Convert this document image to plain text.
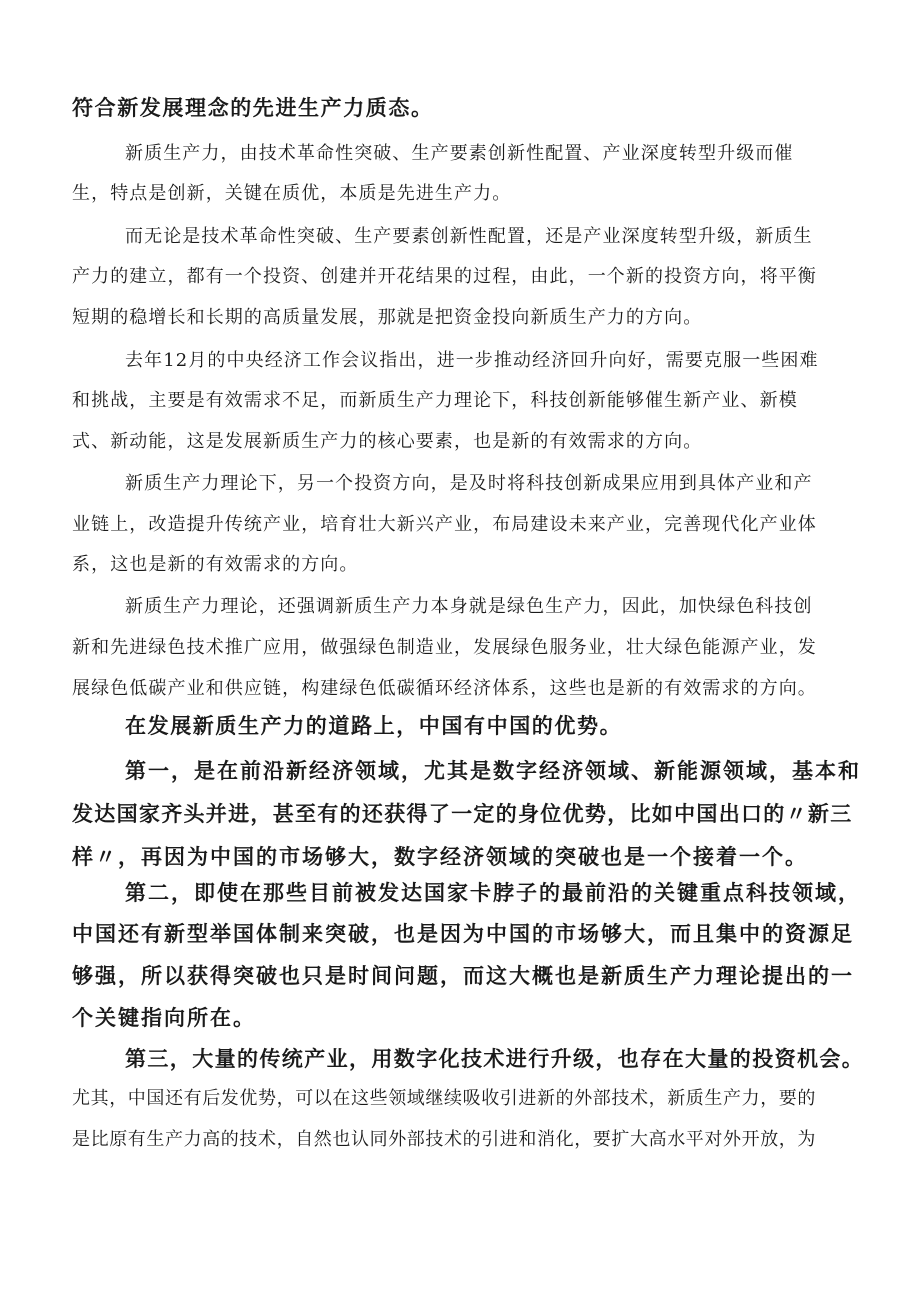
符合新发展理念的先进生产力质态。

新质生产力，由技术革命性突破、生产要素创新性配置、产业深度转型升级而催

生，特点是创新，关键在质优，本质是先进生产力。

而无论是技术革命性突破、生产要素创新性配置，还是产业深度转型升级，新质生

产力的建立，都有一个投资、创建并开花结果的过程，由此，一个新的投资方向，将平衡

短期的稳增长和长期的高质量发展，那就是把资金投向新质生产力的方向。

去年12月的中央经济工作会议指出，进一步推动经济回升向好，需要克服一些困难

和挑战，主要是有效需求不足，而新质生产力理论下，科技创新能够催生新产业、新模

式、新动能，这是发展新质生产力的核心要素，也是新的有效需求的方向。

新质生产力理论下，另一个投资方向，是及时将科技创新成果应用到具体产业和产

业链上，改造提升传统产业，培育壮大新兴产业，布局建设未来产业，完善现代化产业体

系，这也是新的有效需求的方向。

新质生产力理论，还强调新质生产力本身就是绿色生产力，因此，加快绿色科技创

新和先进绿色技术推广应用，做强绿色制造业，发展绿色服务业，壮大绿色能源产业，发

展绿色低碳产业和供应链，构建绿色低碳循环经济体系，这些也是新的有效需求的方向。

在发展新质生产力的道路上，中国有中国的优势。

第一，是在前沿新经济领域，尤其是数字经济领域、新能源领域，基本和

发达国家齐头并进，甚至有的还获得了一定的身位优势，比如中国出口的〃新三

样〃，再因为中国的市场够大，数字经济领域的突破也是一个接着一个。

第二，即使在那些目前被发达国家卡脖子的最前沿的关键重点科技领域，

中国还有新型举国体制来突破，也是因为中国的市场够大，而且集中的资源足

够强，所以获得突破也只是时间问题，而这大概也是新质生产力理论提出的一

个关键指向所在。

第三，大量的传统产业，用数字化技术进行升级，也存在大量的投资机会。

尤其，中国还有后发优势，可以在这些领域继续吸收引进新的外部技术，新质生产力，要的

是比原有生产力高的技术，自然也认同外部技术的引进和消化，要扩大高水平对外开放，为
